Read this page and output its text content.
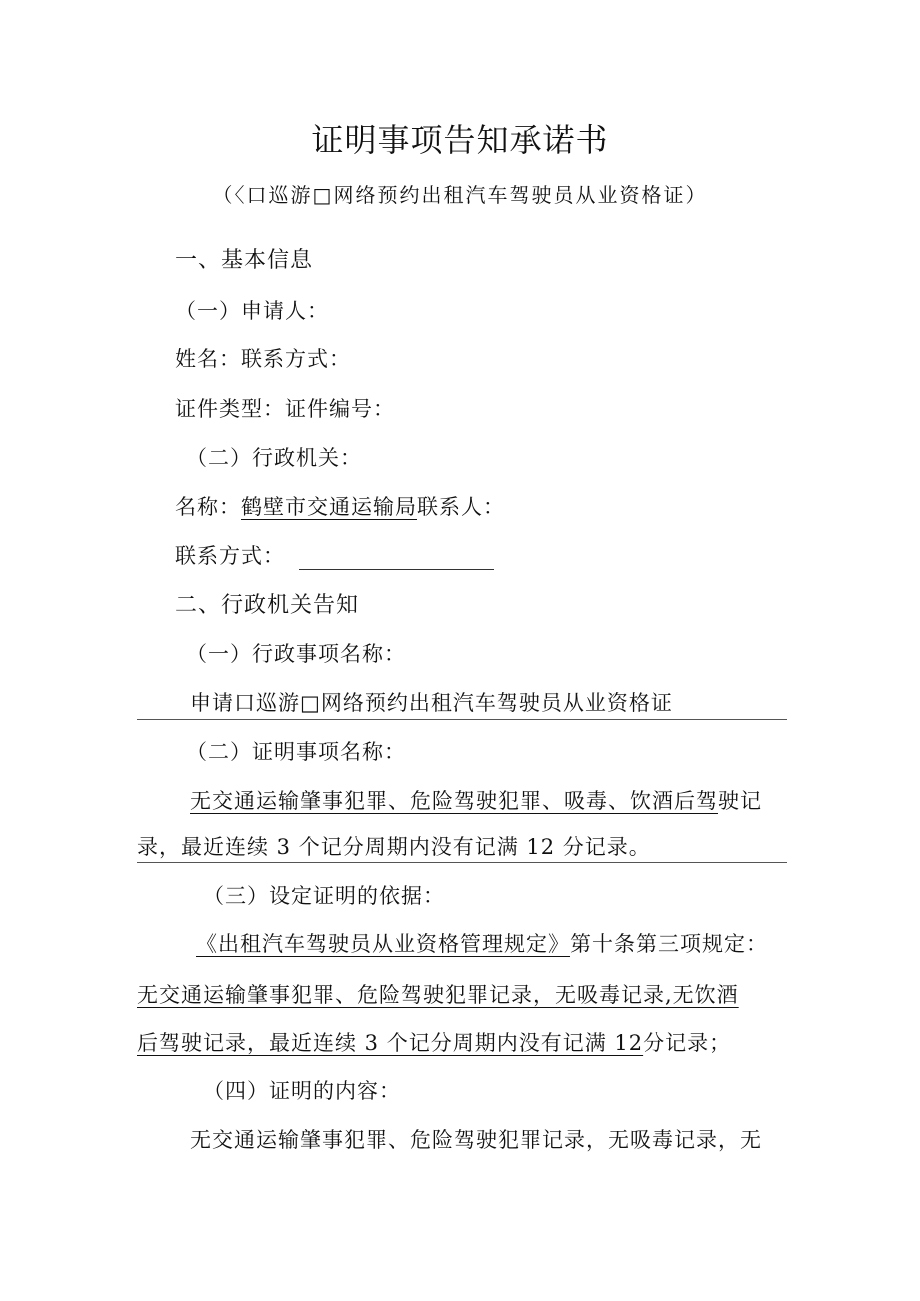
证明事项告知承诺书
（〈口巡游□网络预约出租汽车驾驶员从业资格证）
一、基本信息
（一）申请人：
姓名：联系方式：
证件类型：证件编号：
（二）行政机关：
名称：鹤壁市交通运输局联系人：
联系方式：
二、行政机关告知
（一）行政事项名称：
申请口巡游□网络预约出租汽车驾驶员从业资格证
（二）证明事项名称：
无交通运输肇事犯罪、危险驾驶犯罪、吸毒、饮酒后驾驶记
录，最近连续 3 个记分周期内没有记满 12 分记录。
（三）设定证明的依据：
《出租汽车驾驶员从业资格管理规定》第十条第三项规定：
无交通运输肇事犯罪、危险驾驶犯罪记录，无吸毒记录,无饮酒
后驾驶记录，最近连续 3 个记分周期内没有记满 12分记录；
（四）证明的内容：
无交通运输肇事犯罪、危险驾驶犯罪记录，无吸毒记录，无
